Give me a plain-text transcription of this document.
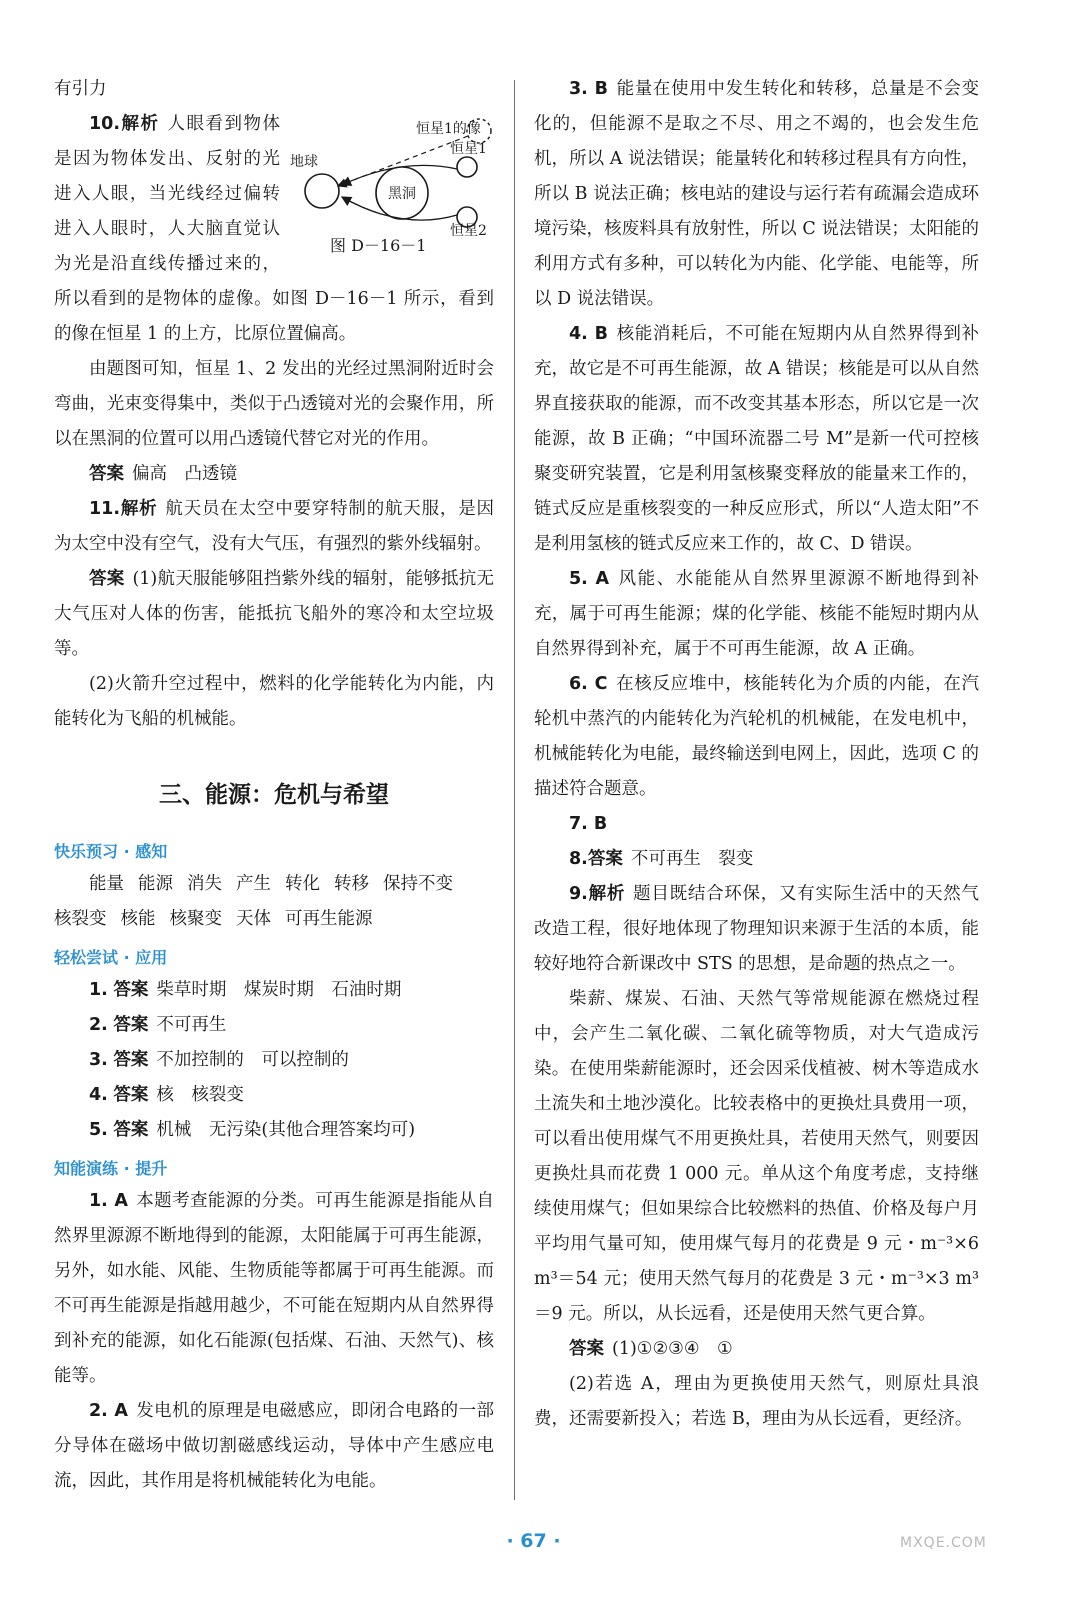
有引力

恒星1的像
地球
黑洞
恒星1
恒星2
图 D－16－1

10.解析 人眼看到物体是因为物体发出、反射的光进入人眼，当光线经过偏转进入人眼时，人大脑直觉认为光是沿直线传播过来的，所以看到的是物体的虚像。如图 D－16－1 所示，看到的像在恒星 1 的上方，比原位置偏高。

由题图可知，恒星 1、2 发出的光经过黑洞附近时会弯曲，光束变得集中，类似于凸透镜对光的会聚作用，所以在黑洞的位置可以用凸透镜代替它对光的作用。

答案 偏高　凸透镜

11.解析 航天员在太空中要穿特制的航天服，是因为太空中没有空气，没有大气压，有强烈的紫外线辐射。

答案 (1)航天服能够阻挡紫外线的辐射，能够抵抗无大气压对人体的伤害，能抵抗飞船外的寒冷和太空垃圾等。

(2)火箭升空过程中，燃料的化学能转化为内能，内能转化为飞船的机械能。

三、能源：危机与希望
快乐预习 · 感知

能量 能源 消失 产生 转化 转移 保持不变

核裂变 核能 核聚变 天体 可再生能源

轻松尝试 · 应用

1. 答案 柴草时期　煤炭时期　石油时期

2. 答案 不可再生

3. 答案 不加控制的　可以控制的

4. 答案 核　核裂变

5. 答案 机械　无污染(其他合理答案均可)

知能演练 · 提升

1. A 本题考查能源的分类。可再生能源是指能从自然界里源源不断地得到的能源，太阳能属于可再生能源，另外，如水能、风能、生物质能等都属于可再生能源。而不可再生能源是指越用越少，不可能在短期内从自然界得到补充的能源，如化石能源(包括煤、石油、天然气)、核能等。

2. A 发电机的原理是电磁感应，即闭合电路的一部分导体在磁场中做切割磁感线运动，导体中产生感应电流，因此，其作用是将机械能转化为电能。

3. B 能量在使用中发生转化和转移，总量是不会变化的，但能源不是取之不尽、用之不竭的，也会发生危机，所以 A 说法错误；能量转化和转移过程具有方向性，所以 B 说法正确；核电站的建设与运行若有疏漏会造成环境污染，核废料具有放射性，所以 C 说法错误；太阳能的利用方式有多种，可以转化为内能、化学能、电能等，所以 D 说法错误。

4. B 核能消耗后，不可能在短期内从自然界得到补充，故它是不可再生能源，故 A 错误；核能是可以从自然界直接获取的能源，而不改变其基本形态，所以它是一次能源，故 B 正确；“中国环流器二号 M”是新一代可控核聚变研究装置，它是利用氢核聚变释放的能量来工作的，链式反应是重核裂变的一种反应形式，所以“人造太阳”不是利用氢核的链式反应来工作的，故 C、D 错误。

5. A 风能、水能能从自然界里源源不断地得到补充，属于可再生能源；煤的化学能、核能不能短时期内从自然界得到补充，属于不可再生能源，故 A 正确。

6. C 在核反应堆中，核能转化为介质的内能，在汽轮机中蒸汽的内能转化为汽轮机的机械能，在发电机中，机械能转化为电能，最终输送到电网上，因此，选项 C 的描述符合题意。

7. B

8.答案 不可再生　裂变

9.解析 题目既结合环保，又有实际生活中的天然气改造工程，很好地体现了物理知识来源于生活的本质，能较好地符合新课改中 STS 的思想，是命题的热点之一。

柴薪、煤炭、石油、天然气等常规能源在燃烧过程中，会产生二氧化碳、二氧化硫等物质，对大气造成污染。在使用柴薪能源时，还会因采伐植被、树木等造成水土流失和土地沙漠化。比较表格中的更换灶具费用一项，可以看出使用煤气不用更换灶具，若使用天然气，则要因更换灶具而花费 1 000 元。单从这个角度考虑，支持继续使用煤气；但如果综合比较燃料的热值、价格及每户月平均用气量可知，使用煤气每月的花费是 9 元・m⁻³×6 m³＝54 元；使用天然气每月的花费是 3 元・m⁻³×3 m³＝9 元。所以，从长远看，还是使用天然气更合算。

答案 (1)①②③④　①

(2)若选 A，理由为更换使用天然气，则原灶具浪费，还需要新投入；若选 B，理由为从长远看，更经济。

· 67 ·	MXQE.COM
